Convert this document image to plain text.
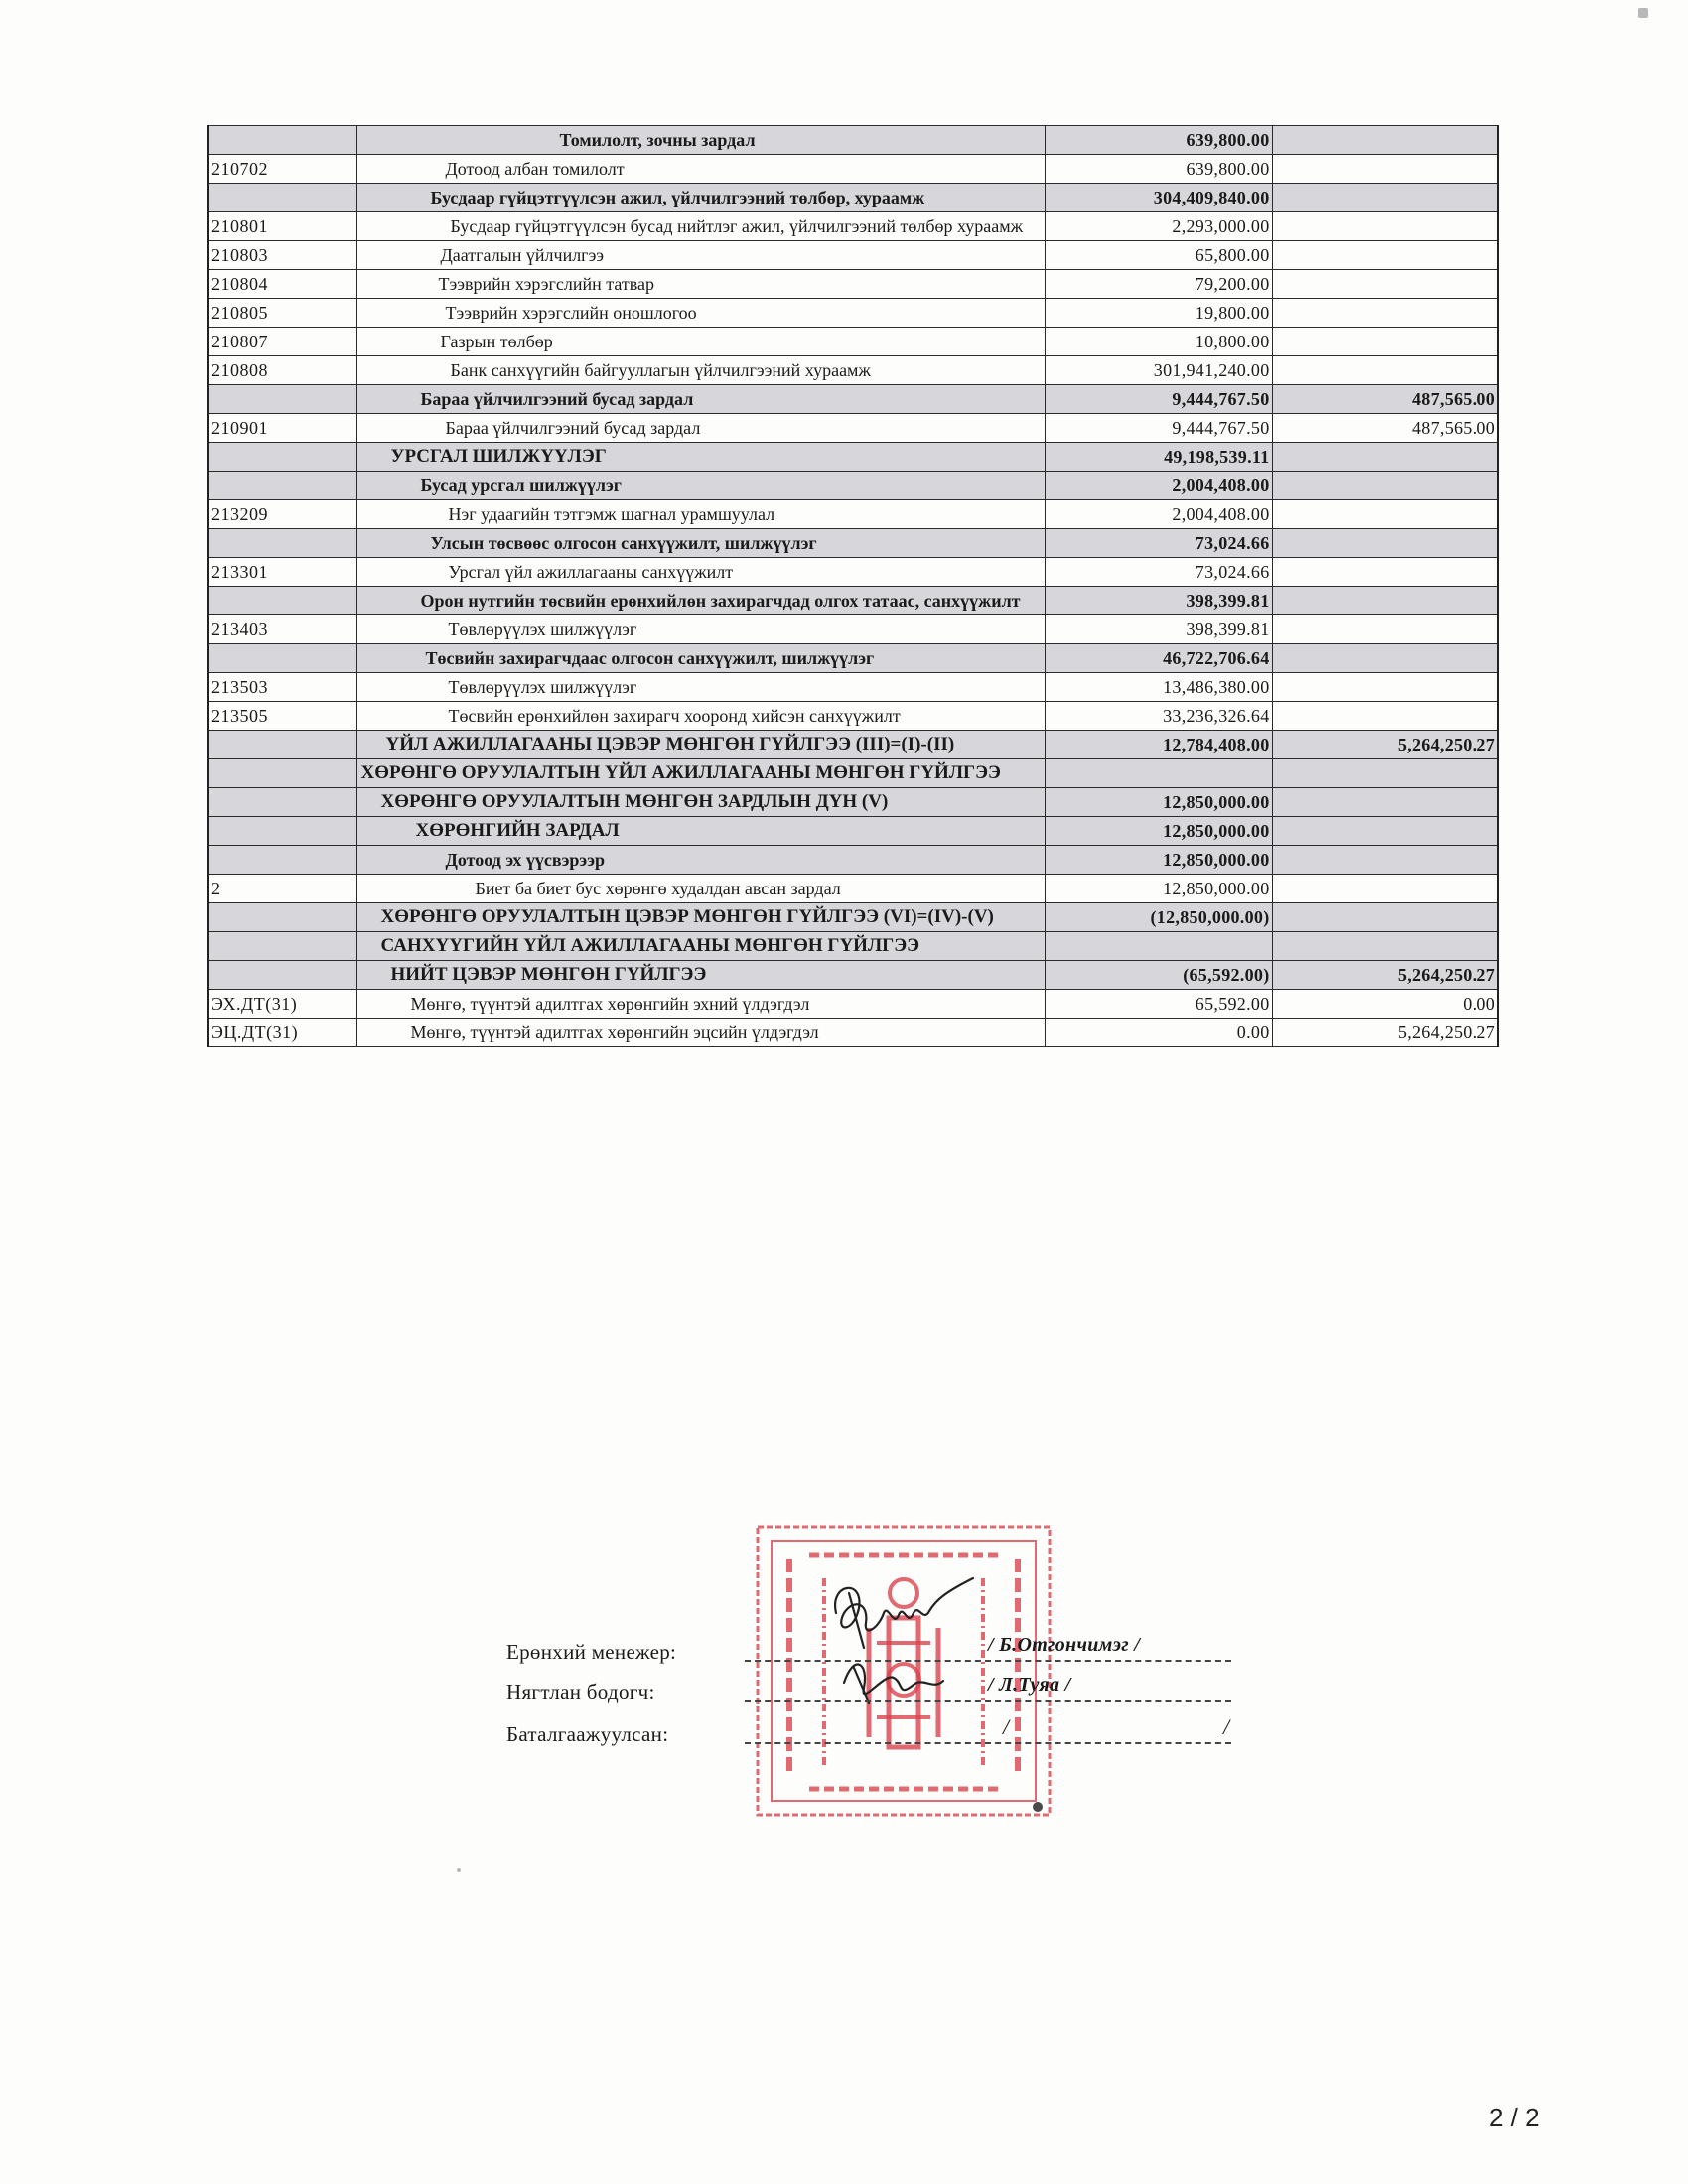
	Томилолт, зочны зардал	639,800.00	
210702	Дотоод албан томилолт	639,800.00	
	Бусдаар гүйцэтгүүлсэн ажил, үйлчилгээний төлбөр, хураамж	304,409,840.00	
210801	Бусдаар гүйцэтгүүлсэн бусад нийтлэг ажил, үйлчилгээний төлбөр хураамж	2,293,000.00	
210803	Даатгалын үйлчилгээ	65,800.00	
210804	Тээврийн хэрэгслийн татвар	79,200.00	
210805	Тээврийн хэрэгслийн оношлогоо	19,800.00	
210807	Газрын төлбөр	10,800.00	
210808	Банк санхүүгийн байгууллагын үйлчилгээний хураамж	301,941,240.00	
	Бараа үйлчилгээний бусад зардал	9,444,767.50	487,565.00
210901	Бараа үйлчилгээний бусад зардал	9,444,767.50	487,565.00
	УРСГАЛ ШИЛЖҮҮЛЭГ	49,198,539.11	
	Бусад урсгал шилжүүлэг	2,004,408.00	
213209	Нэг удаагийн тэтгэмж шагнал урамшуулал	2,004,408.00	
	Улсын төсвөөс олгосон санхүүжилт, шилжүүлэг	73,024.66	
213301	Урсгал үйл ажиллагааны санхүүжилт	73,024.66	
	Орон нутгийн төсвийн ерөнхийлөн захирагчдад олгох татаас, санхүүжилт	398,399.81	
213403	Төвлөрүүлэх шилжүүлэг	398,399.81	
	Төсвийн захирагчдаас олгосон санхүүжилт, шилжүүлэг	46,722,706.64	
213503	Төвлөрүүлэх шилжүүлэг	13,486,380.00	
213505	Төсвийн ерөнхийлөн захирагч хооронд хийсэн санхүүжилт	33,236,326.64	
	ҮЙЛ АЖИЛЛАГААНЫ ЦЭВЭР МӨНГӨН ГҮЙЛГЭЭ (III)=(I)-(II)	12,784,408.00	5,264,250.27
	ХӨРӨНГӨ ОРУУЛАЛТЫН ҮЙЛ АЖИЛЛАГААНЫ МӨНГӨН ГҮЙЛГЭЭ		
	ХӨРӨНГӨ ОРУУЛАЛТЫН МӨНГӨН ЗАРДЛЫН ДҮН (V)	12,850,000.00	
	ХӨРӨНГИЙН ЗАРДАЛ	12,850,000.00	
	Дотоод эх үүсвэрээр	12,850,000.00	
2	Биет ба биет бус хөрөнгө худалдан авсан зардал	12,850,000.00	
	ХӨРӨНГӨ ОРУУЛАЛТЫН ЦЭВЭР МӨНГӨН ГҮЙЛГЭЭ (VI)=(IV)-(V)	(12,850,000.00)	
	САНХҮҮГИЙН ҮЙЛ АЖИЛЛАГААНЫ МӨНГӨН ГҮЙЛГЭЭ		
	НИЙТ ЦЭВЭР МӨНГӨН ГҮЙЛГЭЭ	(65,592.00)	5,264,250.27
ЭХ.ДТ(31)	Мөнгө, түүнтэй адилтгах хөрөнгийн эхний үлдэгдэл	65,592.00	0.00
ЭЦ.ДТ(31)	Мөнгө, түүнтэй адилтгах хөрөнгийн эцсийн үлдэгдэл	0.00	5,264,250.27
Ерөнхий менежер:	/ Б.Отгончимэг /
Нягтлан бодогч:	/ Л.Туяа /
Баталгаажуулсан:	/	/
2 / 2
